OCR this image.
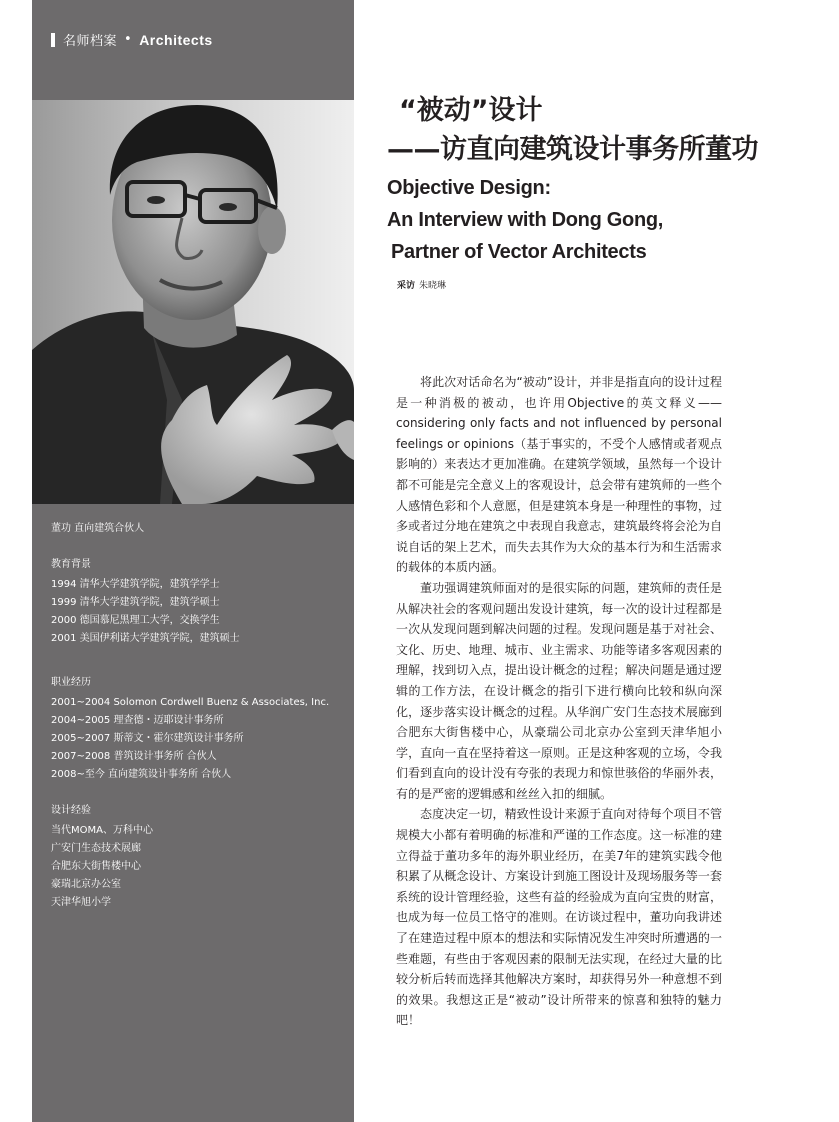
名师档案 • Architects
董功 直向建筑合伙人
教育背景
1994 清华大学建筑学院，建筑学学士
1999 清华大学建筑学院，建筑学硕士
2000 德国慕尼黑理工大学，交换学生
2001 美国伊利诺大学建筑学院，建筑硕士
职业经历
2001~2004 Solomon Cordwell Buenz & Associates, Inc.
2004~2005 理查德・迈耶设计事务所
2005~2007 斯蒂文・霍尔建筑设计事务所
2007~2008 普筑设计事务所 合伙人
2008~至今 直向建筑设计事务所 合伙人
设计经验
当代MOMA、万科中心
广安门生态技术展廊
合肥东大街售楼中心
豪瑞北京办公室
天津华旭小学
“被动”设计
——访直向建筑设计事务所董功
Objective Design:
An Interview with Dong Gong,
Partner of Vector Architects
采访 朱晓琳

将此次对话命名为“被动”设计，并非是指直向的设计过程是一种消极的被动，也许用Objective的英文释义——considering only facts and not influenced by personal feelings or opinions（基于事实的，不受个人感情或者观点影响的）来表达才更加准确。在建筑学领域，虽然每一个设计都不可能是完全意义上的客观设计，总会带有建筑师的一些个人感情色彩和个人意愿，但是建筑本身是一种理性的事物，过多或者过分地在建筑之中表现自我意志，建筑最终将会沦为自说自话的架上艺术，而失去其作为大众的基本行为和生活需求的载体的本质内涵。

董功强调建筑师面对的是很实际的问题，建筑师的责任是从解决社会的客观问题出发设计建筑，每一次的设计过程都是一次从发现问题到解决问题的过程。发现问题是基于对社会、文化、历史、地理、城市、业主需求、功能等诸多客观因素的理解，找到切入点，提出设计概念的过程；解决问题是通过逻辑的工作方法，在设计概念的指引下进行横向比较和纵向深化，逐步落实设计概念的过程。从华润广安门生态技术展廊到合肥东大街售楼中心，从豪瑞公司北京办公室到天津华旭小学，直向一直在坚持着这一原则。正是这种客观的立场，令我们看到直向的设计没有夸张的表现力和惊世骇俗的华丽外表，有的是严密的逻辑感和丝丝入扣的细腻。

态度决定一切，精致性设计来源于直向对待每个项目不管规模大小都有着明确的标准和严谨的工作态度。这一标准的建立得益于董功多年的海外职业经历，在美7年的建筑实践令他积累了从概念设计、方案设计到施工图设计及现场服务等一套系统的设计管理经验，这些有益的经验成为直向宝贵的财富，也成为每一位员工恪守的准则。在访谈过程中，董功向我讲述了在建造过程中原本的想法和实际情况发生冲突时所遭遇的一些难题，有些由于客观因素的限制无法实现，在经过大量的比较分析后转而选择其他解决方案时，却获得另外一种意想不到的效果。我想这正是“被动”设计所带来的惊喜和独特的魅力吧！
